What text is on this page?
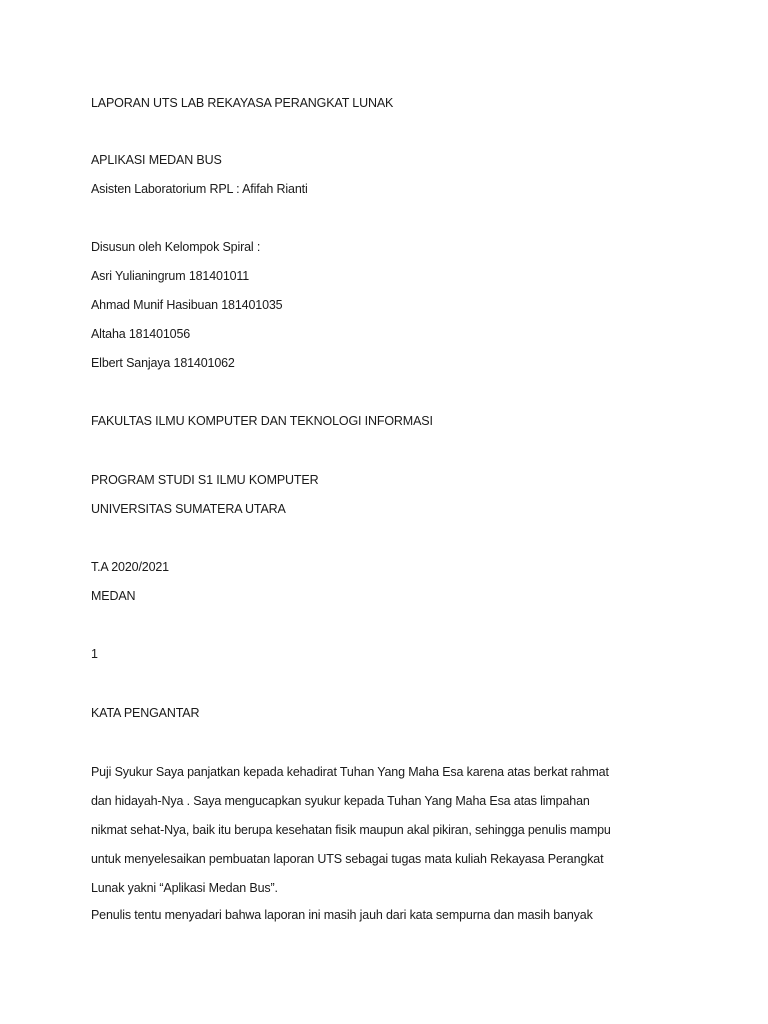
LAPORAN UTS LAB REKAYASA PERANGKAT LUNAK
APLIKASI MEDAN BUS
Asisten Laboratorium RPL : Afifah Rianti
Disusun oleh Kelompok Spiral :
Asri Yulianingrum 181401011
Ahmad Munif Hasibuan 181401035
Altaha 181401056
Elbert Sanjaya 181401062
FAKULTAS ILMU KOMPUTER DAN TEKNOLOGI INFORMASI
PROGRAM STUDI S1 ILMU KOMPUTER
UNIVERSITAS SUMATERA UTARA
T.A 2020/2021
MEDAN
1
KATA PENGANTAR
Puji Syukur Saya panjatkan kepada kehadirat Tuhan Yang Maha Esa karena atas berkat rahmat
dan hidayah-Nya . Saya mengucapkan syukur kepada Tuhan Yang Maha Esa atas limpahan
nikmat sehat-Nya, baik itu berupa kesehatan fisik maupun akal pikiran, sehingga penulis mampu
untuk menyelesaikan pembuatan laporan UTS sebagai tugas mata kuliah Rekayasa Perangkat
Lunak yakni “Aplikasi Medan Bus”.
Penulis tentu menyadari bahwa laporan ini masih jauh dari kata sempurna dan masih banyak
